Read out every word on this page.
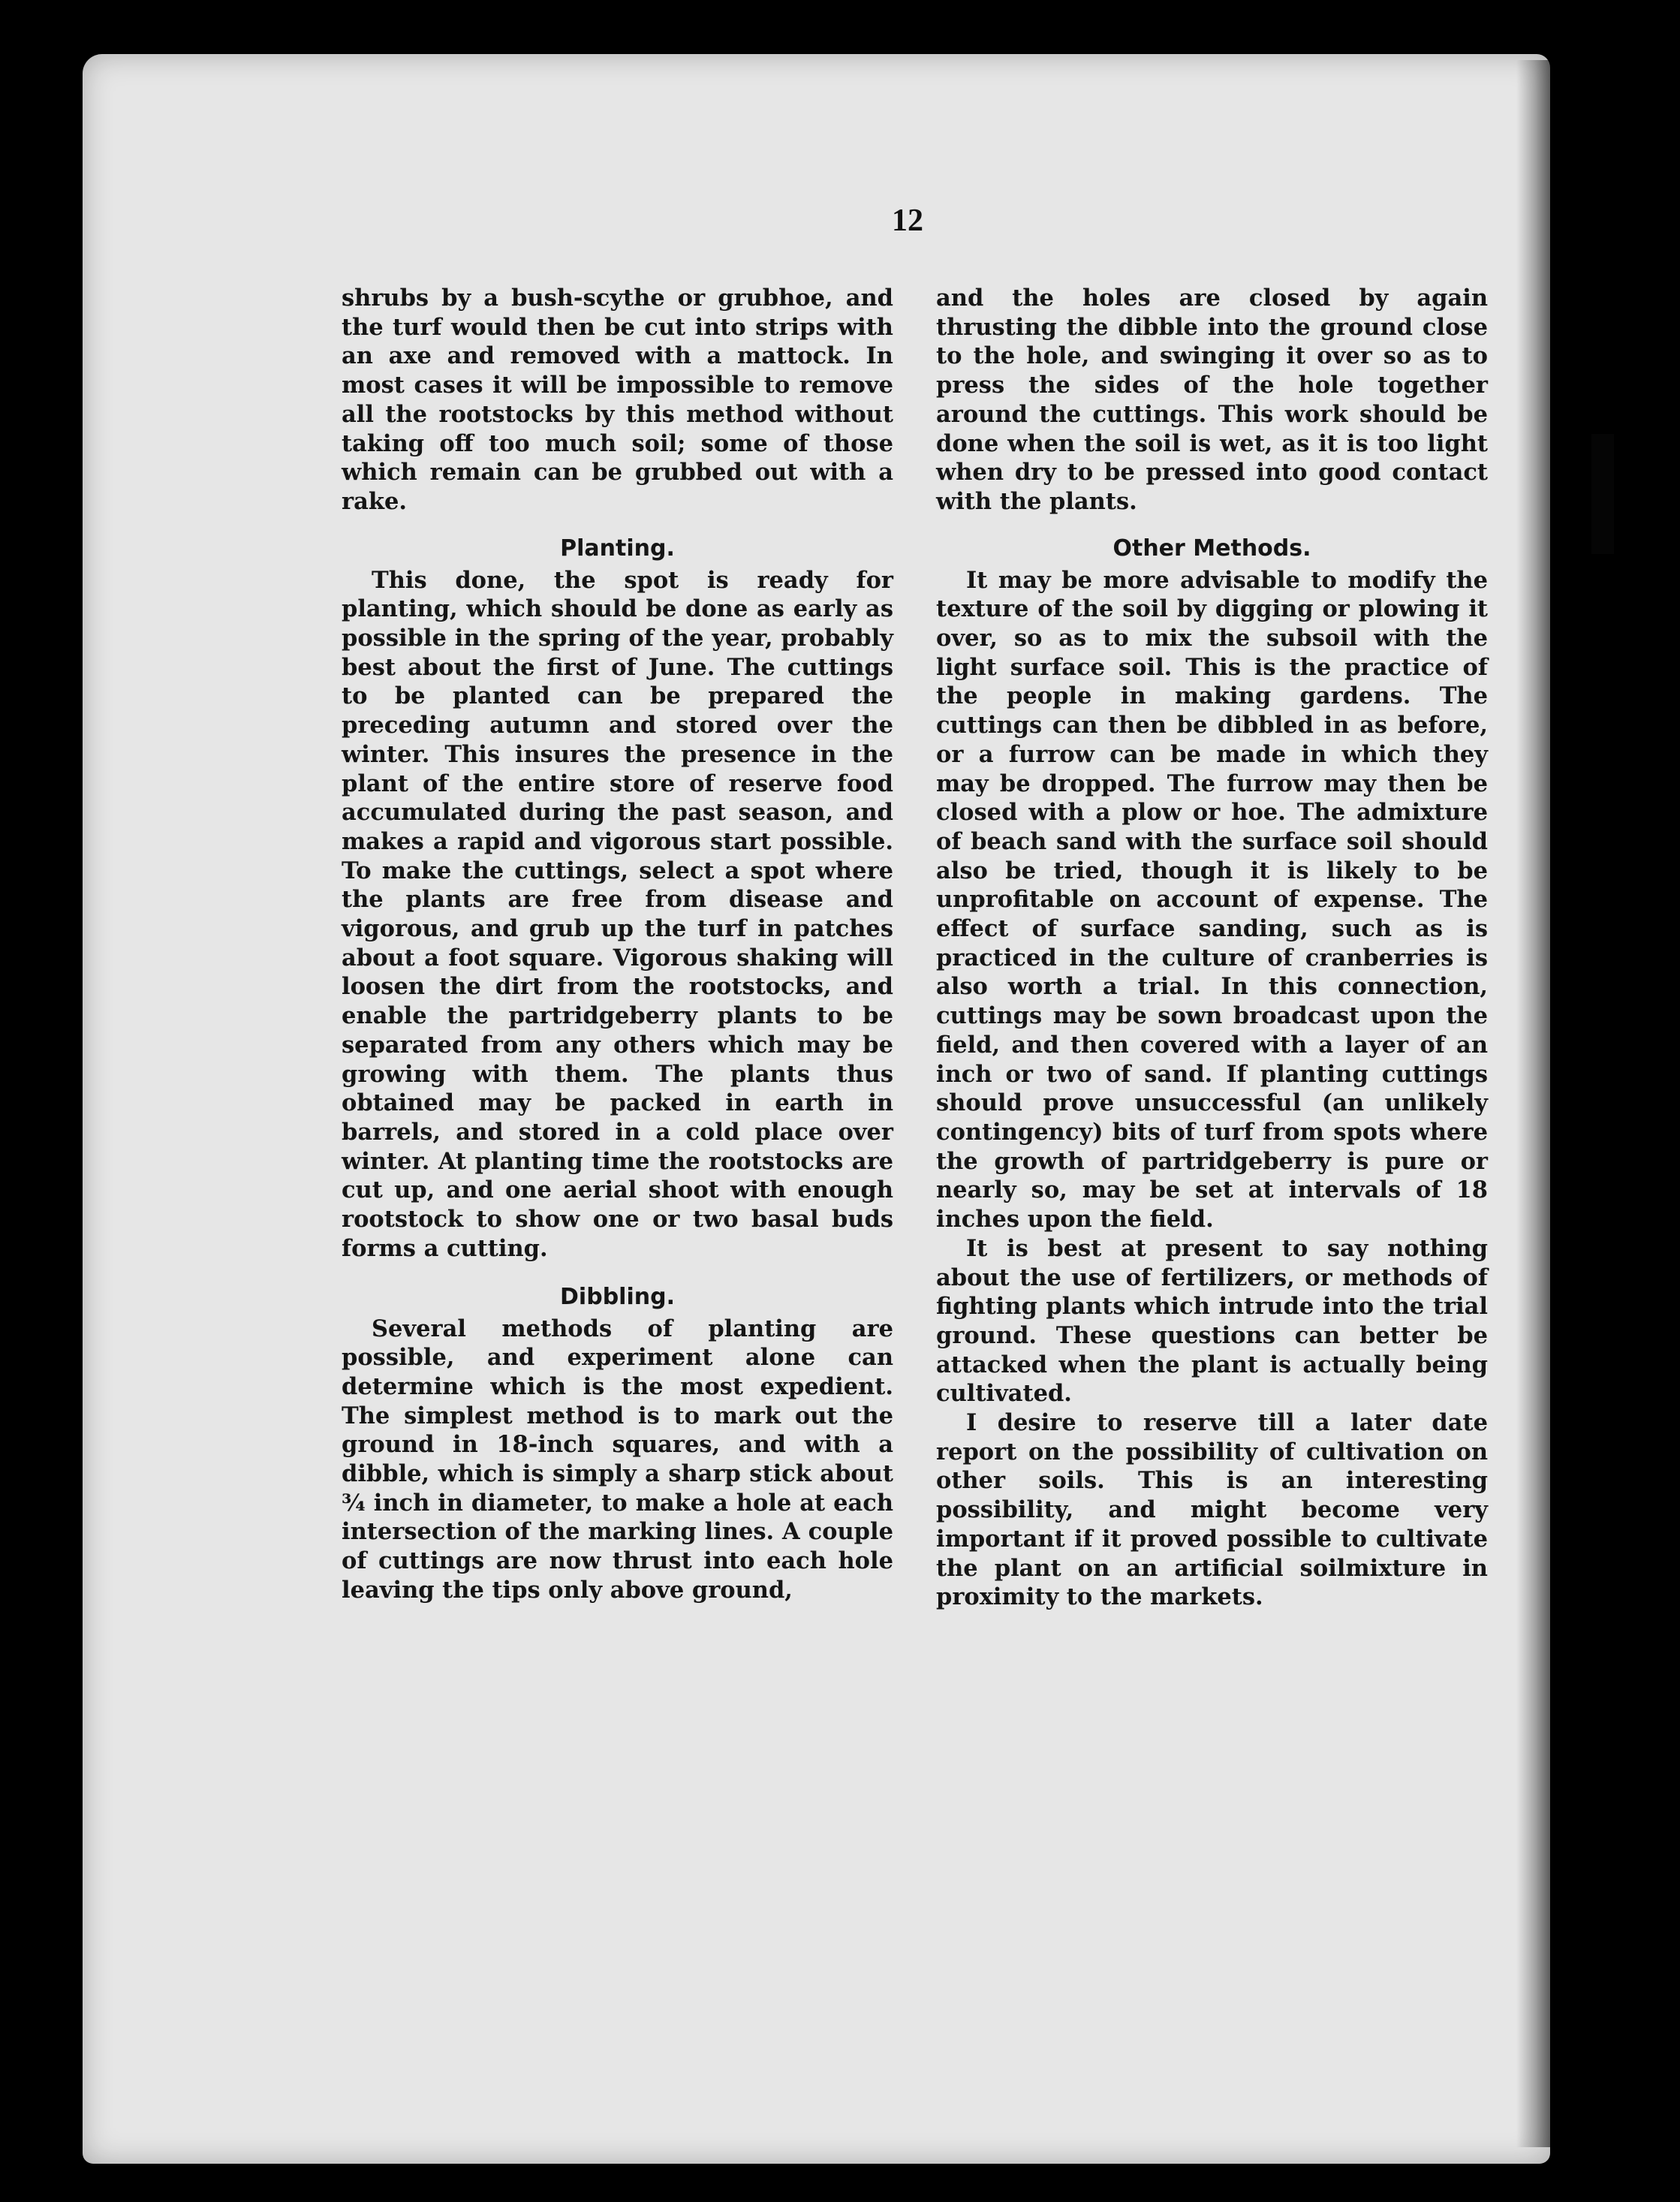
12

shrubs by a bush-scythe or grubhoe, and the turf would then be cut into strips with an axe and removed with a mattock. In most cases it will be impossible to remove all the rootstocks by this method without taking off too much soil; some of those which remain can be grubbed out with a rake.

Planting.

This done, the spot is ready for planting, which should be done as early as possible in the spring of the year, probably best about the first of June. The cuttings to be planted can be prepared the preceding autumn and stored over the winter. This insures the presence in the plant of the entire store of reserve food accumulated during the past season, and makes a rapid and vigorous start possible. To make the cuttings, select a spot where the plants are free from disease and vigorous, and grub up the turf in patches about a foot square. Vigorous shaking will loosen the dirt from the rootstocks, and enable the partridgeberry plants to be separated from any others which may be growing with them. The plants thus obtained may be packed in earth in barrels, and stored in a cold place over winter. At planting time the rootstocks are cut up, and one aerial shoot with enough rootstock to show one or two basal buds forms a cutting.

Dibbling.

Several methods of planting are possible, and experiment alone can determine which is the most expedient. The simplest method is to mark out the ground in 18-inch squares, and with a dibble, which is simply a sharp stick about ¾ inch in diameter, to make a hole at each intersection of the marking lines. A couple of cuttings are now thrust into each hole leaving the tips only above ground,

and the holes are closed by again thrusting the dibble into the ground close to the hole, and swinging it over so as to press the sides of the hole together around the cuttings. This work should be done when the soil is wet, as it is too light when dry to be pressed into good contact with the plants.

Other Methods.

It may be more advisable to modify the texture of the soil by digging or plowing it over, so as to mix the subsoil with the light surface soil. This is the practice of the people in making gardens. The cuttings can then be dibbled in as before, or a furrow can be made in which they may be dropped. The furrow may then be closed with a plow or hoe. The admixture of beach sand with the surface soil should also be tried, though it is likely to be unprofitable on account of expense. The effect of surface sanding, such as is practiced in the culture of cranberries is also worth a trial. In this connection, cuttings may be sown broadcast upon the field, and then covered with a layer of an inch or two of sand. If planting cuttings should prove unsuccessful (an unlikely contingency) bits of turf from spots where the growth of partridgeberry is pure or nearly so, may be set at intervals of 18 inches upon the field.

It is best at present to say nothing about the use of fertilizers, or methods of fighting plants which intrude into the trial ground. These questions can better be attacked when the plant is actually being cultivated.

I desire to reserve till a later date report on the possibility of cultivation on other soils. This is an interesting possibility, and might become very important if it proved possible to cultivate the plant on an artificial soilmixture in proximity to the markets.
